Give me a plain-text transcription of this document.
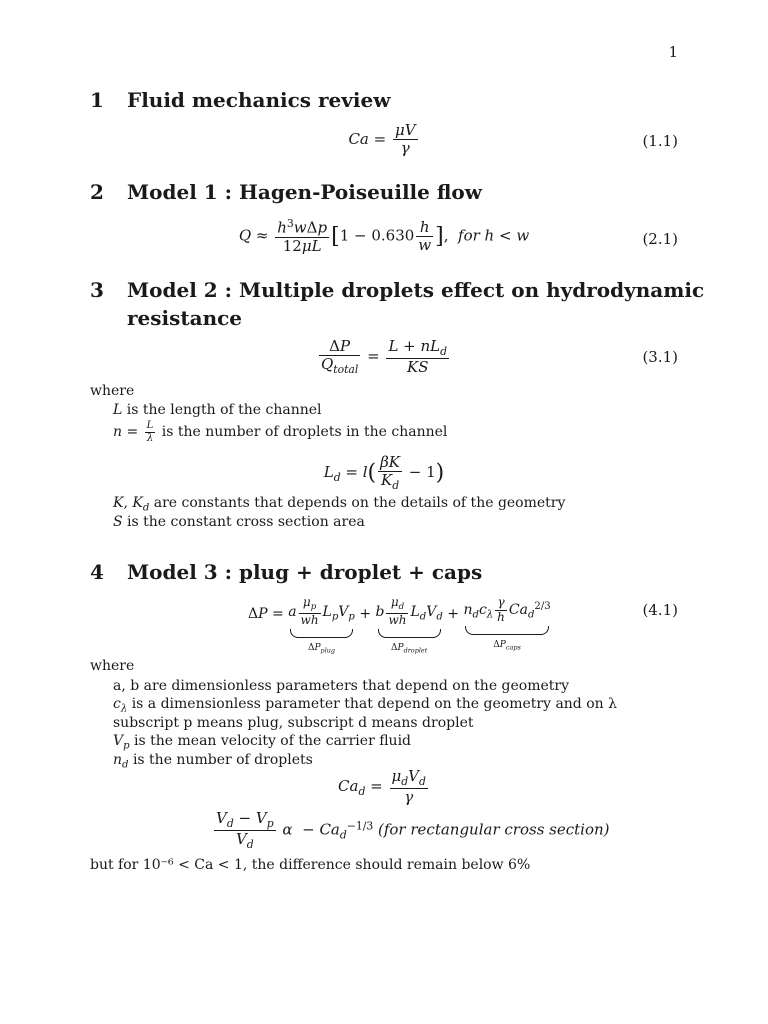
1
1 Fluid mechanics review
$Ca = \frac{\mu V}{\gamma}$	(1.1)
2 Model 1 : Hagen-Poiseuille flow
$Q \approx \frac{h^3w\Delta p}{12\mu L} [1 - 0.630 \frac{h}{w}$ ],  for h < w	(2.1)
3 Model 2 : Multiple droplets effect on hydrodynamic
resistance
$\frac{\Delta P}{Q_{total}} = \frac{L + nL_d}{KS}$	(3.1)
where
L is the length of the channel
$n = \frac{L}{\lambda}$ is the number of droplets in the channel
$L_d = l( \frac{\beta K}{K_d} - 1)$
K, $K_d$ are constants that depends on the details of the geometry
S is the constant cross section area
4 Model 3 : plug + droplet + caps
ΔP = a $\frac{\mu_p}{wh} L_pV_p$
$\Delta P_{plug}$
+ b $\frac{\mu_d}{wh} L_dV_d$
$\Delta P_{droplet}$
+ $n_dc_\lambda \frac{\gamma}{h} Ca_d^{2/3}$
$\Delta P_{caps}$
(4.1)
where
a, b are dimensionless parameters that depend on the geometry
$c_\lambda$ is a dimensionless parameter that depend on the geometry and on λ
subscript p means plug, subscript d means droplet
$V_p$ is the mean velocity of the carrier fluid
$n_d$ is the number of droplets
$Ca_d = \frac{\mu_dV_d}{\gamma}$
$\frac{V_d - V_p}{V_d}$ $\alpha - Ca_d^{-1/3}$ (for rectangular cross section)
but for 10⁻⁶ < Ca < 1, the difference should remain below 6%
